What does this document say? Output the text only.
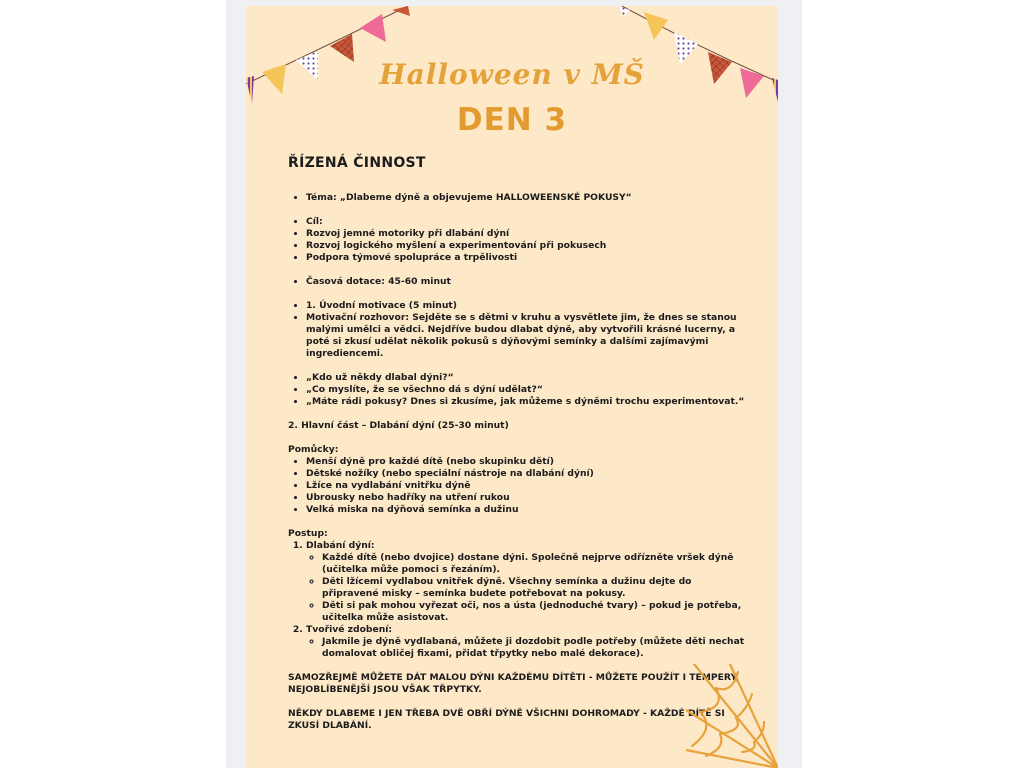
Halloween v MŠ
DEN 3
ŘÍZENÁ ČINNOST
• Téma: „Dlabeme dýně a objevujeme HALLOWEENSKÉ POKUSY“
• Cíl:
• Rozvoj jemné motoriky při dlabání dýní
• Rozvoj logického myšlení a experimentování při pokusech
• Podpora týmové spolupráce a trpělivosti
• Časová dotace: 45-60 minut
• 1. Úvodní motivace (5 minut)
• Motivační rozhovor: Sejděte se s dětmi v kruhu a vysvětlete jim, že dnes se stanou malými umělci a vědci. Nejdříve budou dlabat dýně, aby vytvořili krásné lucerny, a poté si zkusí udělat několik pokusů s dýňovými semínky a dalšími zajímavými ingrediencemi.
• „Kdo už někdy dlabal dýni?“
• „Co myslíte, že se všechno dá s dýní udělat?“
• „Máte rádi pokusy? Dnes si zkusíme, jak můžeme s dýněmi trochu experimentovat.“

2. Hlavní část – Dlabání dýní (25-30 minut)

Pomůcky:

• Menší dýně pro každé dítě (nebo skupinku dětí)
• Dětské nožíky (nebo speciální nástroje na dlabání dýní)
• Lžíce na vydlabání vnitřku dýně
• Ubrousky nebo hadříky na utření rukou
• Velká miska na dýňová semínka a dužinu

Postup:

1. Dlabání dýní:
◦ Každé dítě (nebo dvojice) dostane dýni. Společně nejprve odřízněte vršek dýně (učitelka může pomoci s řezáním).
◦ Děti lžícemi vydlabou vnitřek dýně. Všechny semínka a dužinu dejte do připravené misky – semínka budete potřebovat na pokusy.
◦ Děti si pak mohou vyřezat oči, nos a ústa (jednoduché tvary) – pokud je potřeba, učitelka může asistovat.
2. Tvořivé zdobení:
◦ Jakmile je dýně vydlabaná, můžete ji dozdobit podle potřeby (můžete děti nechat domalovat obličej fixami, přidat třpytky nebo malé dekorace).

SAMOZŘEJMĚ MŮŽETE DÁT MALOU DÝNI KAŽDÉMU DÍTĚTI - MŮŽETE POUŽÍT I TEMPERY, NEJOBLÍBENĚJŠÍ JSOU VŠAK TŘPYTKY.

NĚKDY DLABEME I JEN TŘEBA DVĚ OBŘÍ DÝNĚ VŠICHNI DOHROMADY - KAŽDÉ DÍTĚ SI ZKUSÍ DLABÁNÍ.
